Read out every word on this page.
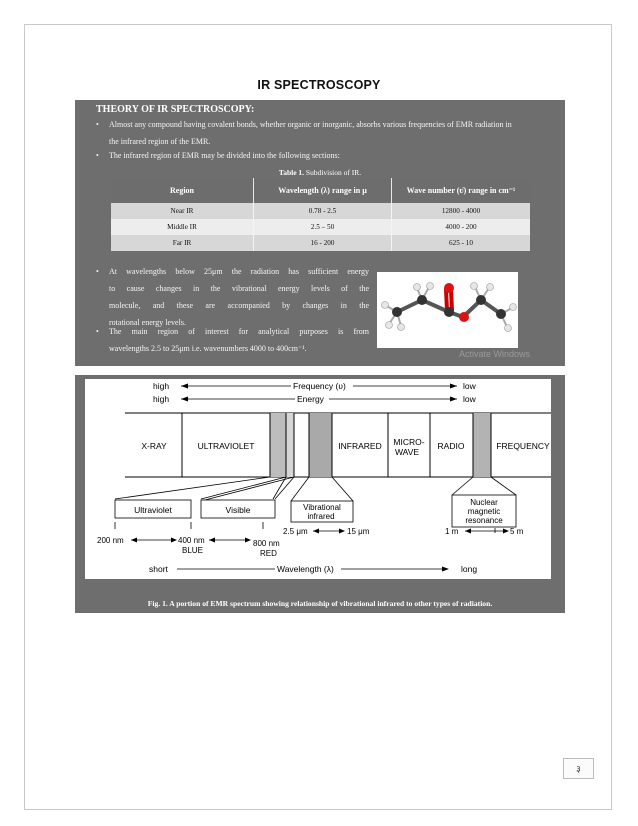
IR SPECTROSCOPY
THEORY OF IR SPECTROSCOPY:
• Almost any compound having covalent bonds, whether organic or inorganic, absorbs various frequencies of EMR radiation in
the infrared region of the EMR.
• The infrared region of EMR may be divided into the following sections:
Table 1. Subdivision of IR.
Region	Wavelength (λ) range in μ	Wave number (ʋ̄) range in cm⁻¹
Near IR	0.78 - 2.5	12800 - 4000
Middle IR	2.5 – 50	4000 - 200
Far IR	16 - 200	625 - 10
• At wavelengths below 25μm the radiation has sufficient energy
to cause changes in the vibrational energy levels of the
molecule, and these are accompanied by changes in the
rotational energy levels.
• The main region of interest for analytical purposes is from
wavelengths 2.5 to 25μm i.e. wavenumbers 4000 to 400cm⁻¹.
Activate Windows
high	Frequency (ʋ)	low
high	Energy	low
X-RAY	ULTRAVIOLET	INFRARED MICRO-
WAVE
RADIO	FREQUENCY
Ultraviolet	Visible	Vibrational
infrared
Nuclear
magnetic
resonance
200 nm	400 nm
BLUE
800 nm
RED
2.5 μm	15 μm	1 m	5 m
short	Wavelength (λ)	long
Fig. 1. A portion of EMR spectrum showing relationship of vibrational infrared to other types of radiation.
३
